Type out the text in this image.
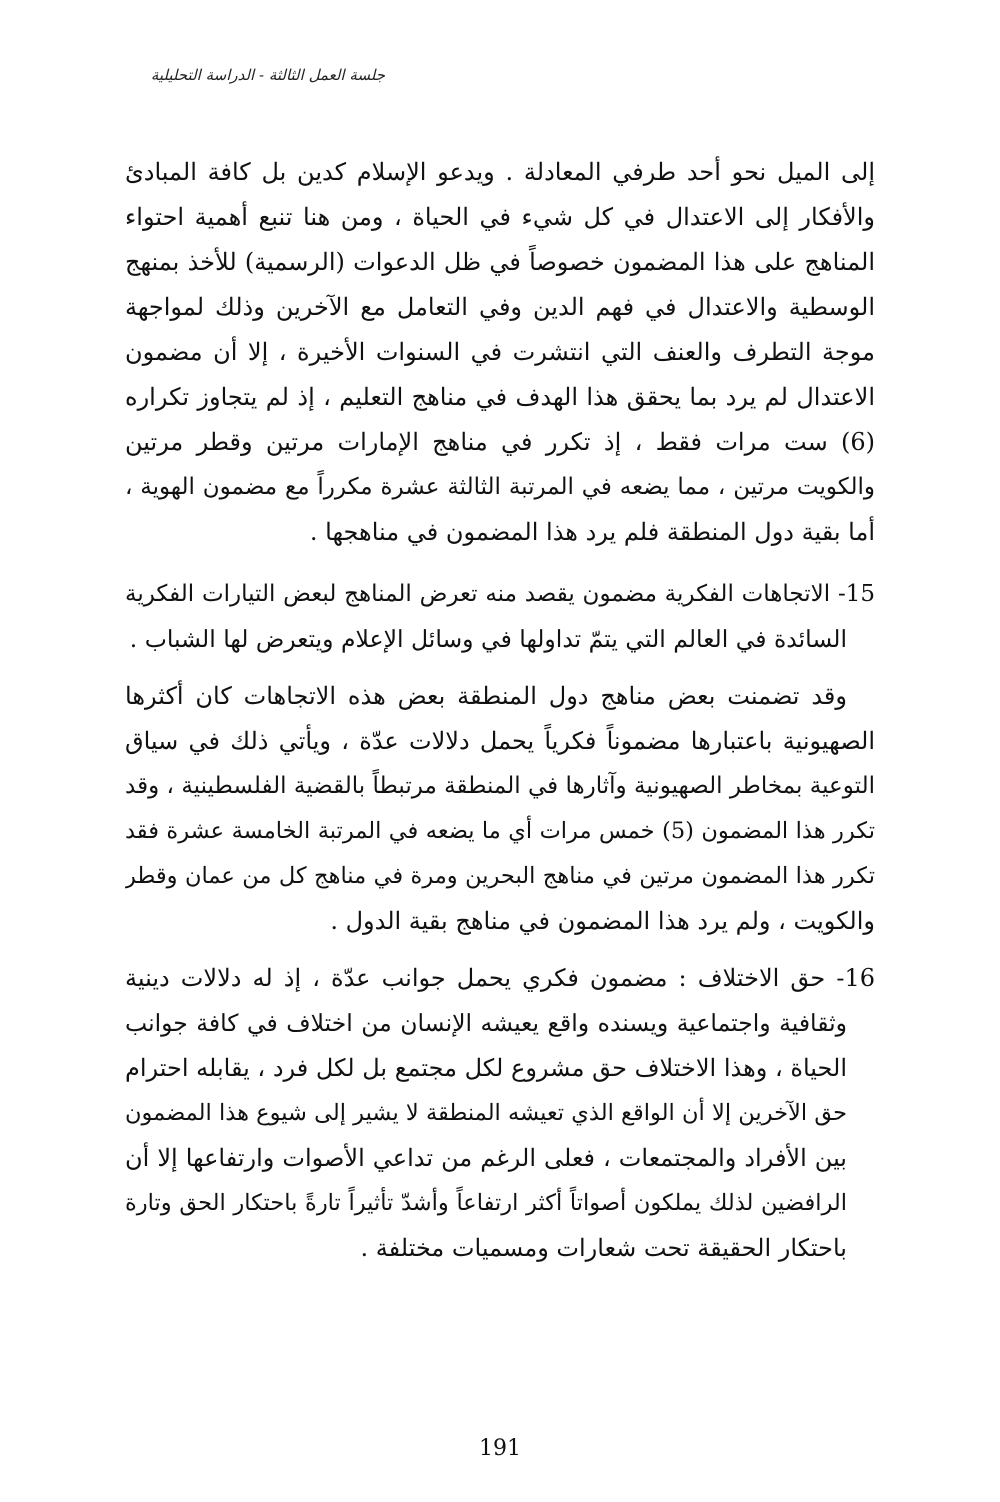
جلسة العمل الثالثة - الدراسة التحليلية
إلى الميل نحو أحد طرفي المعادلة . ويدعو الإسلام كدين بل كافة المبادئ
والأفكار إلى الاعتدال في كل شيء في الحياة ، ومن هنا تنبع أهمية احتواء
المناهج على هذا المضمون خصوصاً في ظل الدعوات (الرسمية) للأخذ بمنهج
الوسطية والاعتدال في فهم الدين وفي التعامل مع الآخرين وذلك لمواجهة
موجة التطرف والعنف التي انتشرت في السنوات الأخيرة ، إلا أن مضمون
الاعتدال لم يرد بما يحقق هذا الهدف في مناهج التعليم ، إذ لم يتجاوز تكراره
(6) ست مرات فقط ، إذ تكرر في مناهج الإمارات مرتين وقطر مرتين
والكويت مرتين ، مما يضعه في المرتبة الثالثة عشرة مكرراً مع مضمون الهوية ،
أما بقية دول المنطقة فلم يرد هذا المضمون في مناهجها .
15- الاتجاهات الفكرية مضمون يقصد منه تعرض المناهج لبعض التيارات الفكرية
السائدة في العالم التي يتمّ تداولها في وسائل الإعلام ويتعرض لها الشباب .
وقد تضمنت بعض مناهج دول المنطقة بعض هذه الاتجاهات كان أكثرها
الصهيونية باعتبارها مضموناً فكرياً يحمل دلالات عدّة ، ويأتي ذلك في سياق
التوعية بمخاطر الصهيونية وآثارها في المنطقة مرتبطاً بالقضية الفلسطينية ، وقد
تكرر هذا المضمون (5) خمس مرات أي ما يضعه في المرتبة الخامسة عشرة فقد
تكرر هذا المضمون مرتين في مناهج البحرين ومرة في مناهج كل من عمان وقطر
والكويت ، ولم يرد هذا المضمون في مناهج بقية الدول .
16- حق الاختلاف : مضمون فكري يحمل جوانب عدّة ، إذ له دلالات دينية
وثقافية واجتماعية ويسنده واقع يعيشه الإنسان من اختلاف في كافة جوانب
الحياة ، وهذا الاختلاف حق مشروع لكل مجتمع بل لكل فرد ، يقابله احترام
حق الآخرين إلا أن الواقع الذي تعيشه المنطقة لا يشير إلى شيوع هذا المضمون
بين الأفراد والمجتمعات ، فعلى الرغم من تداعي الأصوات وارتفاعها إلا أن
الرافضين لذلك يملكون أصواتاً أكثر ارتفاعاً وأشدّ تأثيراً تارةً باحتكار الحق وتارة
باحتكار الحقيقة تحت شعارات ومسميات مختلفة .
191
